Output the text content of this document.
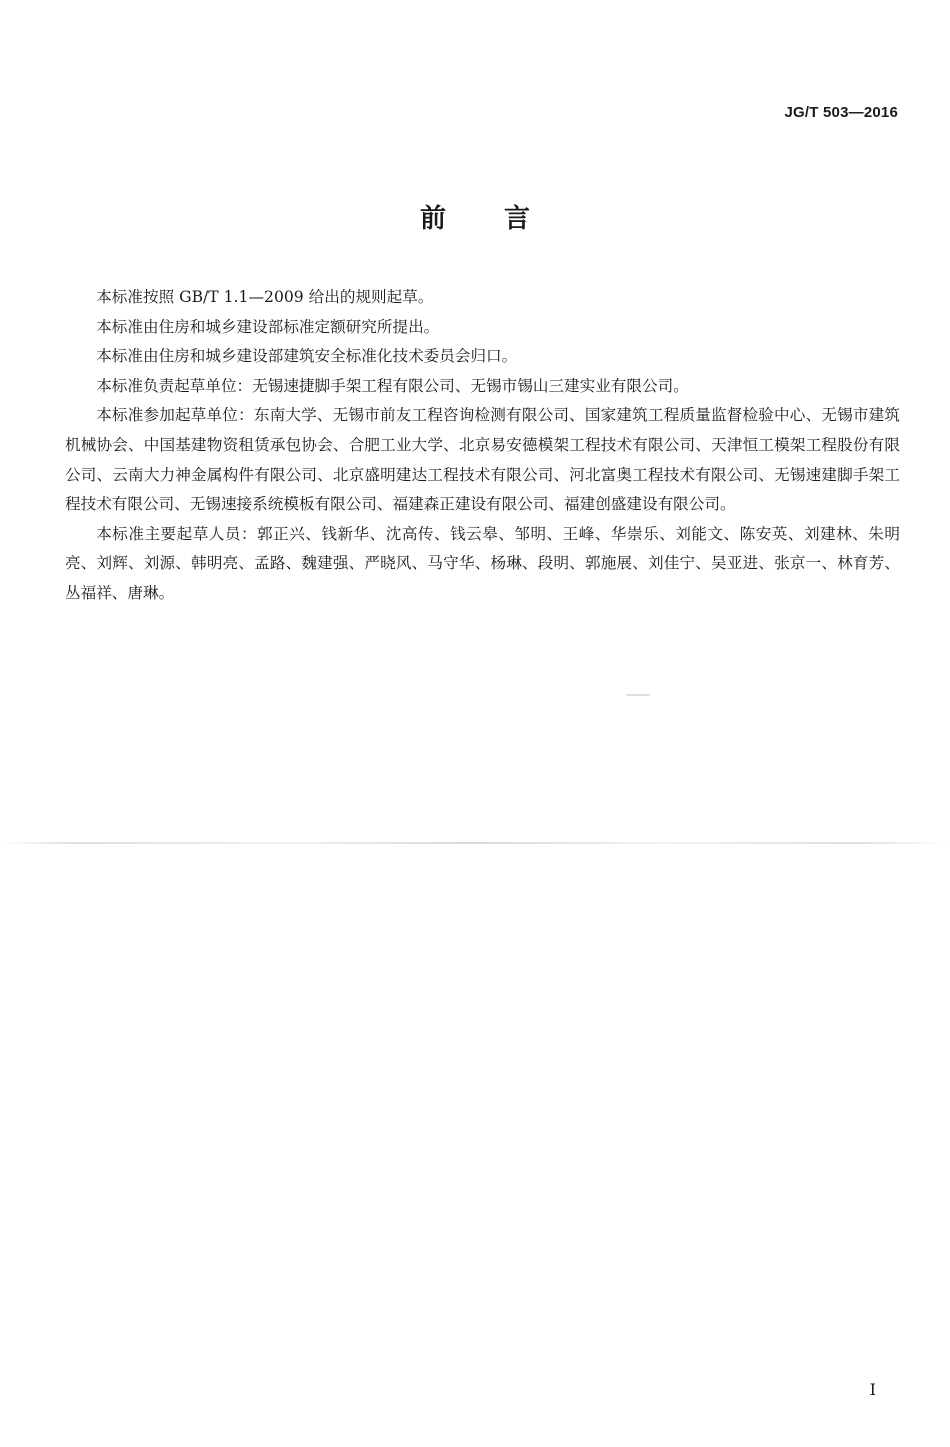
JG/T 503—2016
前言

本标准按照 GB/T 1.1—2009 给出的规则起草。

本标准由住房和城乡建设部标准定额研究所提出。

本标准由住房和城乡建设部建筑安全标准化技术委员会归口。

本标准负责起草单位：无锡速捷脚手架工程有限公司、无锡市锡山三建实业有限公司。

本标准参加起草单位：东南大学、无锡市前友工程咨询检测有限公司、国家建筑工程质量监督检验中心、无锡市建筑机械协会、中国基建物资租赁承包协会、合肥工业大学、北京易安德模架工程技术有限公司、天津恒工模架工程股份有限公司、云南大力神金属构件有限公司、北京盛明建达工程技术有限公司、河北富奥工程技术有限公司、无锡速建脚手架工程技术有限公司、无锡速接系统模板有限公司、福建森正建设有限公司、福建创盛建设有限公司。

本标准主要起草人员：郭正兴、钱新华、沈高传、钱云皋、邹明、王峰、华崇乐、刘能文、陈安英、刘建林、朱明亮、刘辉、刘源、韩明亮、孟路、魏建强、严晓风、马守华、杨琳、段明、郭施展、刘佳宁、吴亚进、张京一、林育芳、丛福祥、唐琳。

I
